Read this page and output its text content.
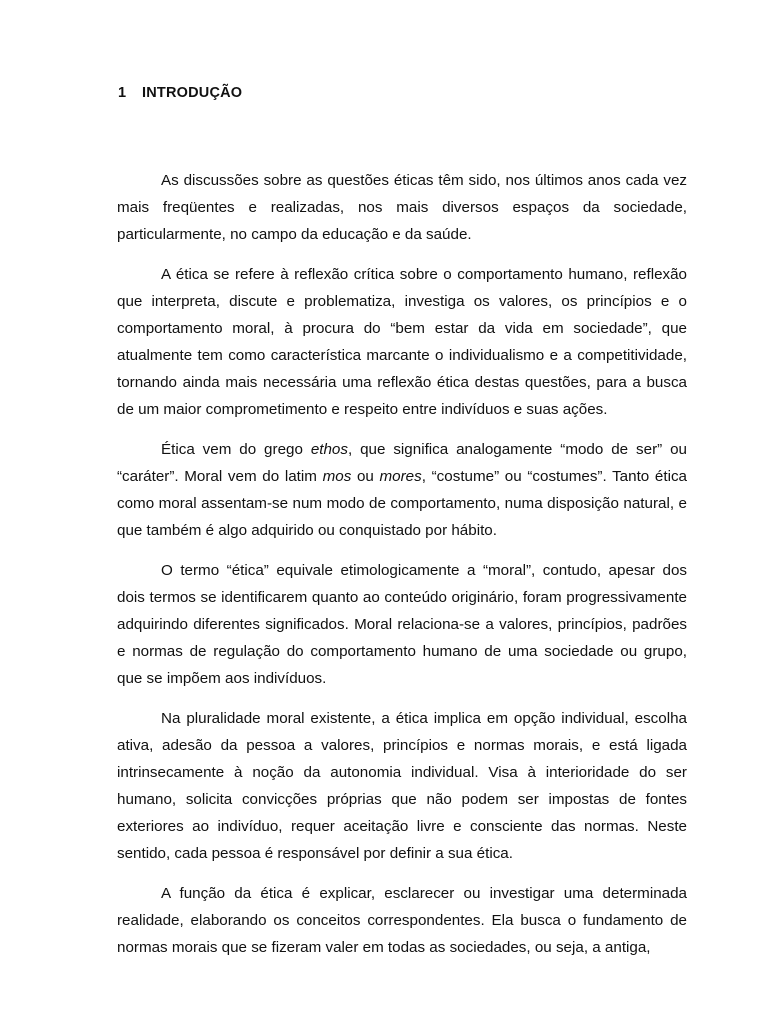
1 INTRODUÇÃO

As discussões sobre as questões éticas têm sido, nos últimos anos cada vez mais freqüentes e realizadas, nos mais diversos espaços da sociedade, particularmente, no campo da educação e da saúde.

A ética se refere à reflexão crítica sobre o comportamento humano, reflexão que interpreta, discute e problematiza, investiga os valores, os princípios e o comportamento moral, à procura do “bem estar da vida em sociedade”, que atualmente tem como característica marcante o individualismo e a competitividade, tornando ainda mais necessária uma reflexão ética destas questões, para a busca de um maior comprometimento e respeito entre indivíduos e suas ações.

Ética vem do grego ethos, que significa analogamente “modo de ser” ou “caráter”. Moral vem do latim mos ou mores, “costume” ou “costumes”. Tanto ética como moral assentam-se num modo de comportamento, numa disposição natural, e que também é algo adquirido ou conquistado por hábito.

O termo “ética” equivale etimologicamente a “moral”, contudo, apesar dos dois termos se identificarem quanto ao conteúdo originário, foram progressivamente adquirindo diferentes significados. Moral relaciona-se a valores, princípios, padrões e normas de regulação do comportamento humano de uma sociedade ou grupo, que se impõem aos indivíduos.

Na pluralidade moral existente, a ética implica em opção individual, escolha ativa, adesão da pessoa a valores, princípios e normas morais, e está ligada intrinsecamente à noção da autonomia individual. Visa à interioridade do ser humano, solicita convicções próprias que não podem ser impostas de fontes exteriores ao indivíduo, requer aceitação livre e consciente das normas. Neste sentido, cada pessoa é responsável por definir a sua ética.

A função da ética é explicar, esclarecer ou investigar uma determinada realidade, elaborando os conceitos correspondentes. Ela busca o fundamento de normas morais que se fizeram valer em todas as sociedades, ou seja, a antiga,
